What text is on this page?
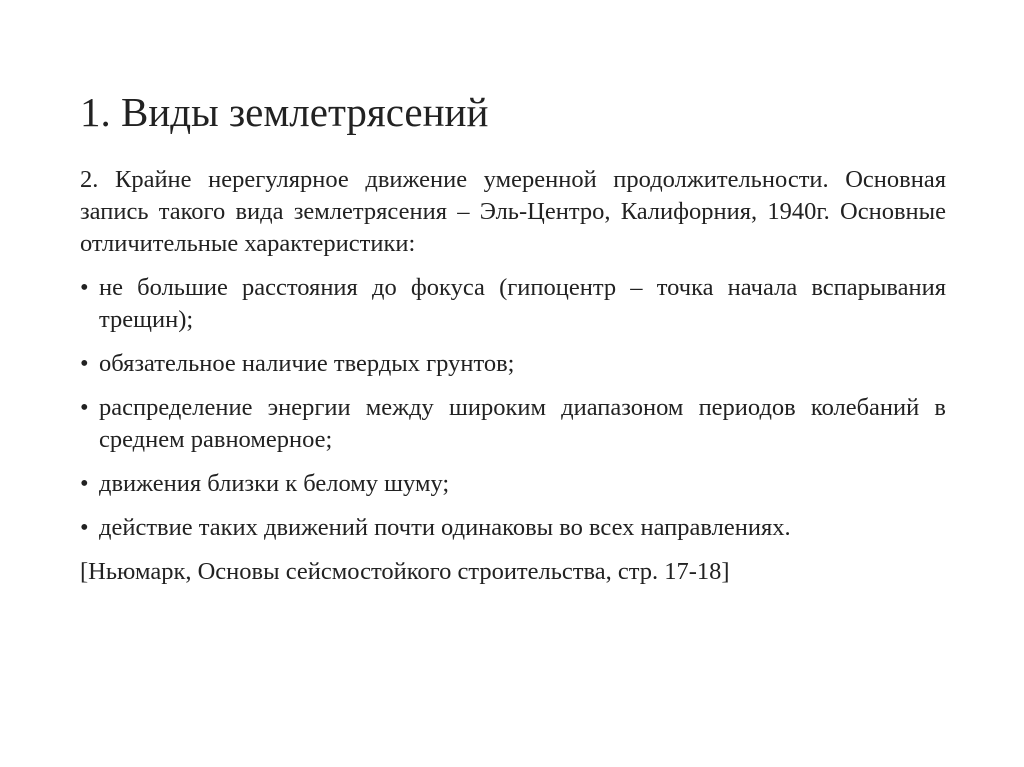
1. Виды землетрясений

2. Крайне нерегулярное движение умеренной продолжительности. Основная запись такого вида землетрясения – Эль-Центро, Калифорния, 1940г. Основные отличительные характеристики:

• не большие расстояния до фокуса (гипоцентр – точка начала вспарывания трещин);
• обязательное наличие твердых грунтов;
• распределение энергии между широким диапазоном периодов колебаний в среднем равномерное;
• движения близки к белому шуму;
• действие таких движений почти одинаковы во всех направлениях.

[Ньюмарк, Основы сейсмостойкого строительства, стр. 17-18]
